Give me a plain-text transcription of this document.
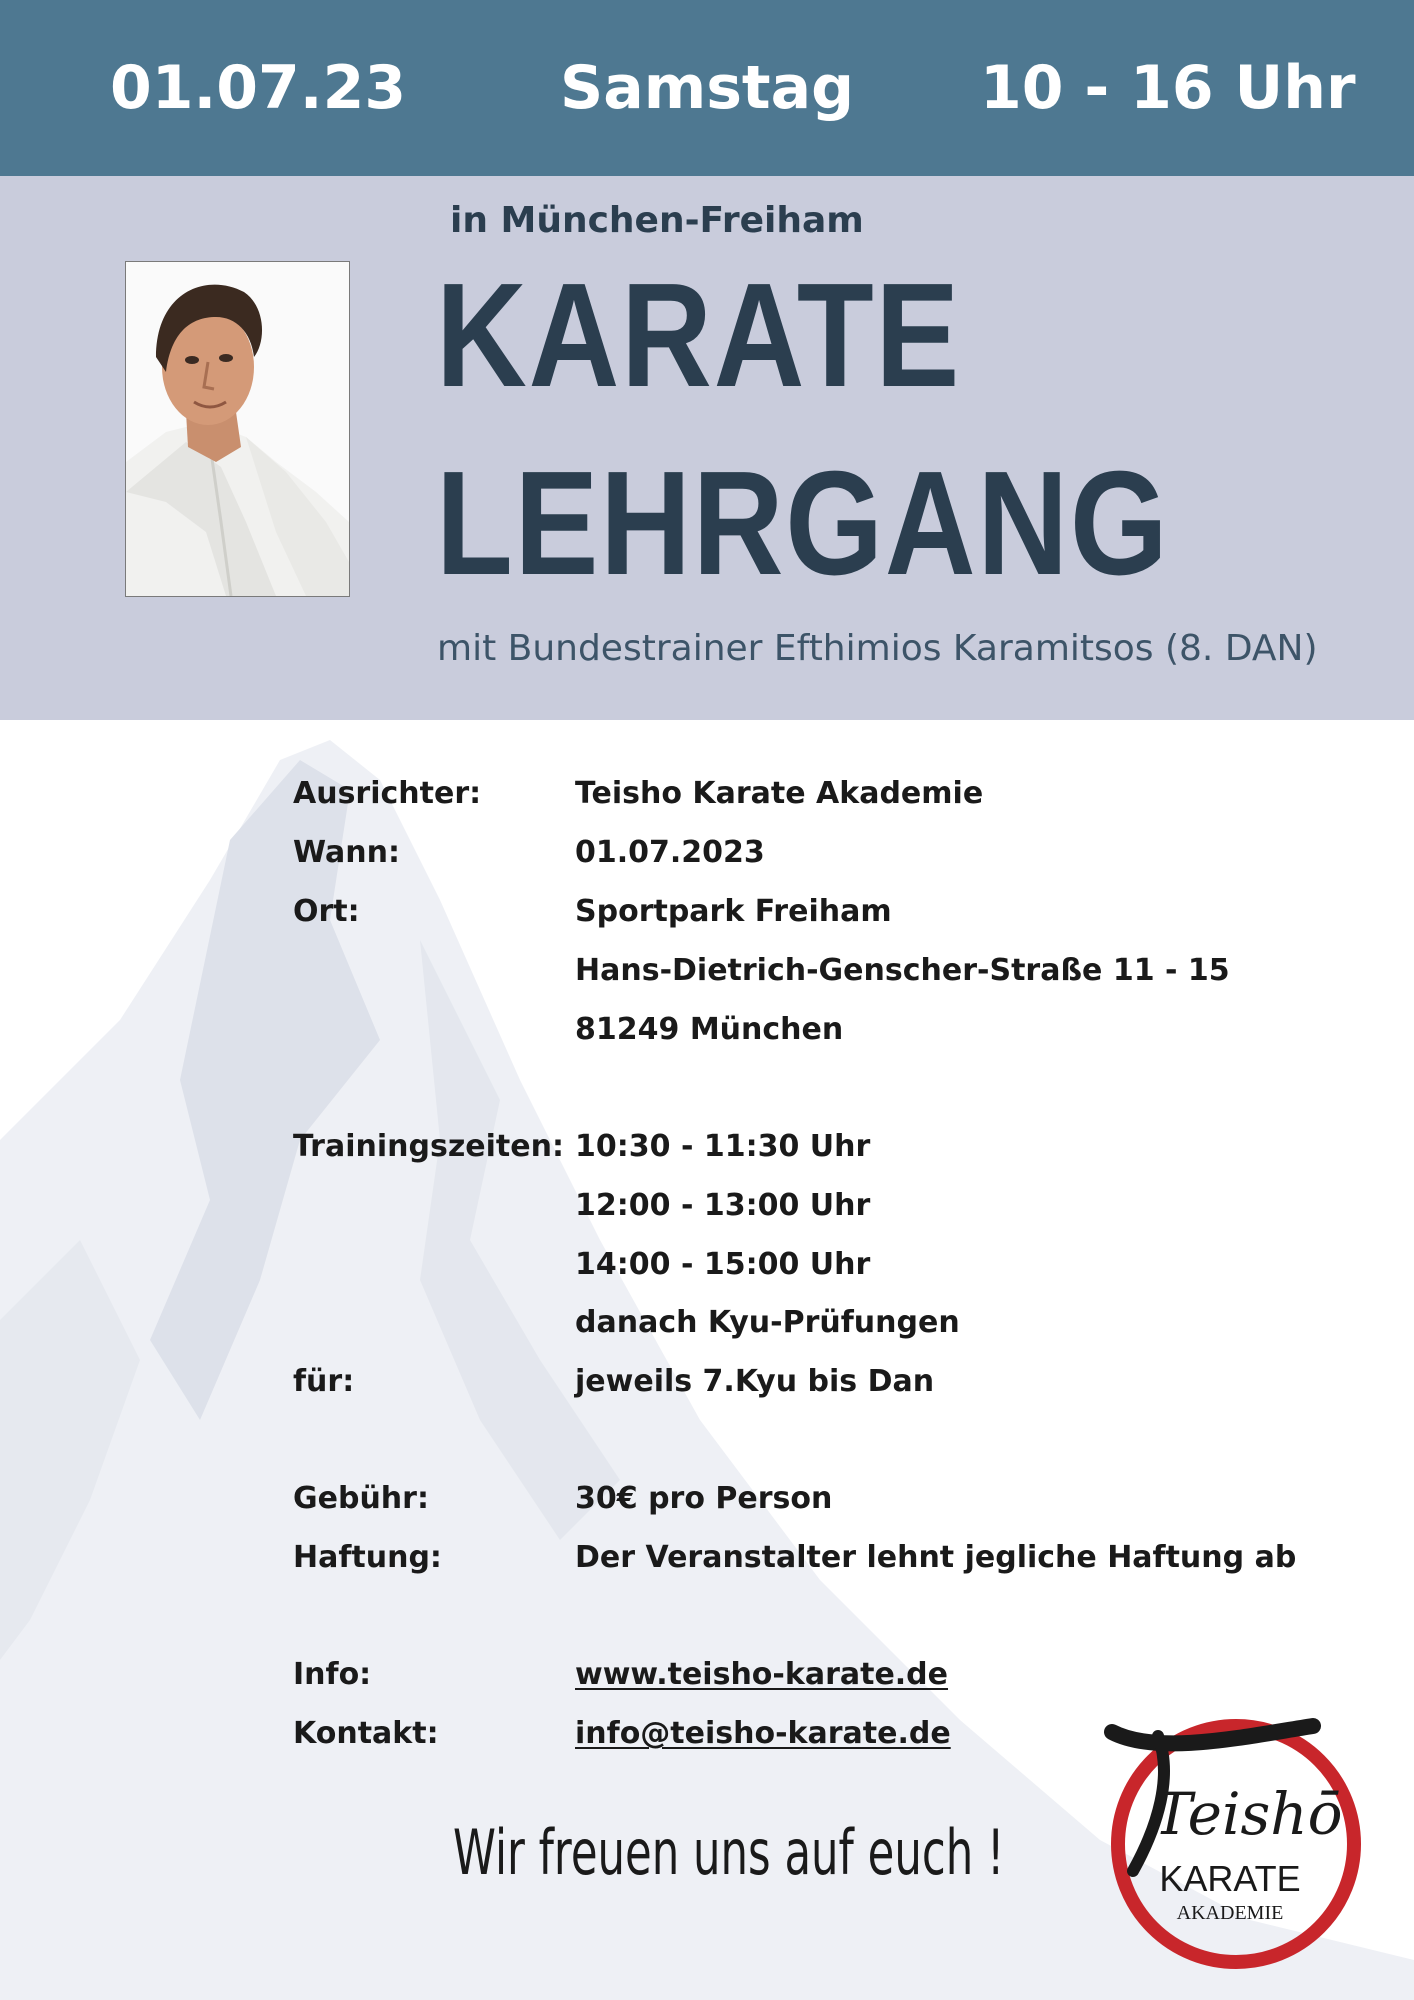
01.07.23	Samstag 10 - 16 Uhr
in München-Freiham
KARATE
LEHRGANG
mit Bundestrainer Efthimios Karamitsos (8. DAN)
Ausrichter:	Teisho Karate Akademie
Wann:	01.07.2023
Ort:	Sportpark Freiham
Hans-Dietrich-Genscher-Straße 11 - 15
81249 München
Trainingszeiten: 10:30 - 11:30 Uhr
12:00 - 13:00 Uhr
14:00 - 15:00 Uhr
danach Kyu-Prüfungen
für:	jeweils 7.Kyu bis Dan
Gebühr:	30€ pro Person
Haftung:	Der Veranstalter lehnt jegliche Haftung ab
Info:	www.teisho-karate.de
Kontakt:	info@teisho-karate.de
Wir freuen uns auf euch !
Teishō
KARATE
AKADEMIE
